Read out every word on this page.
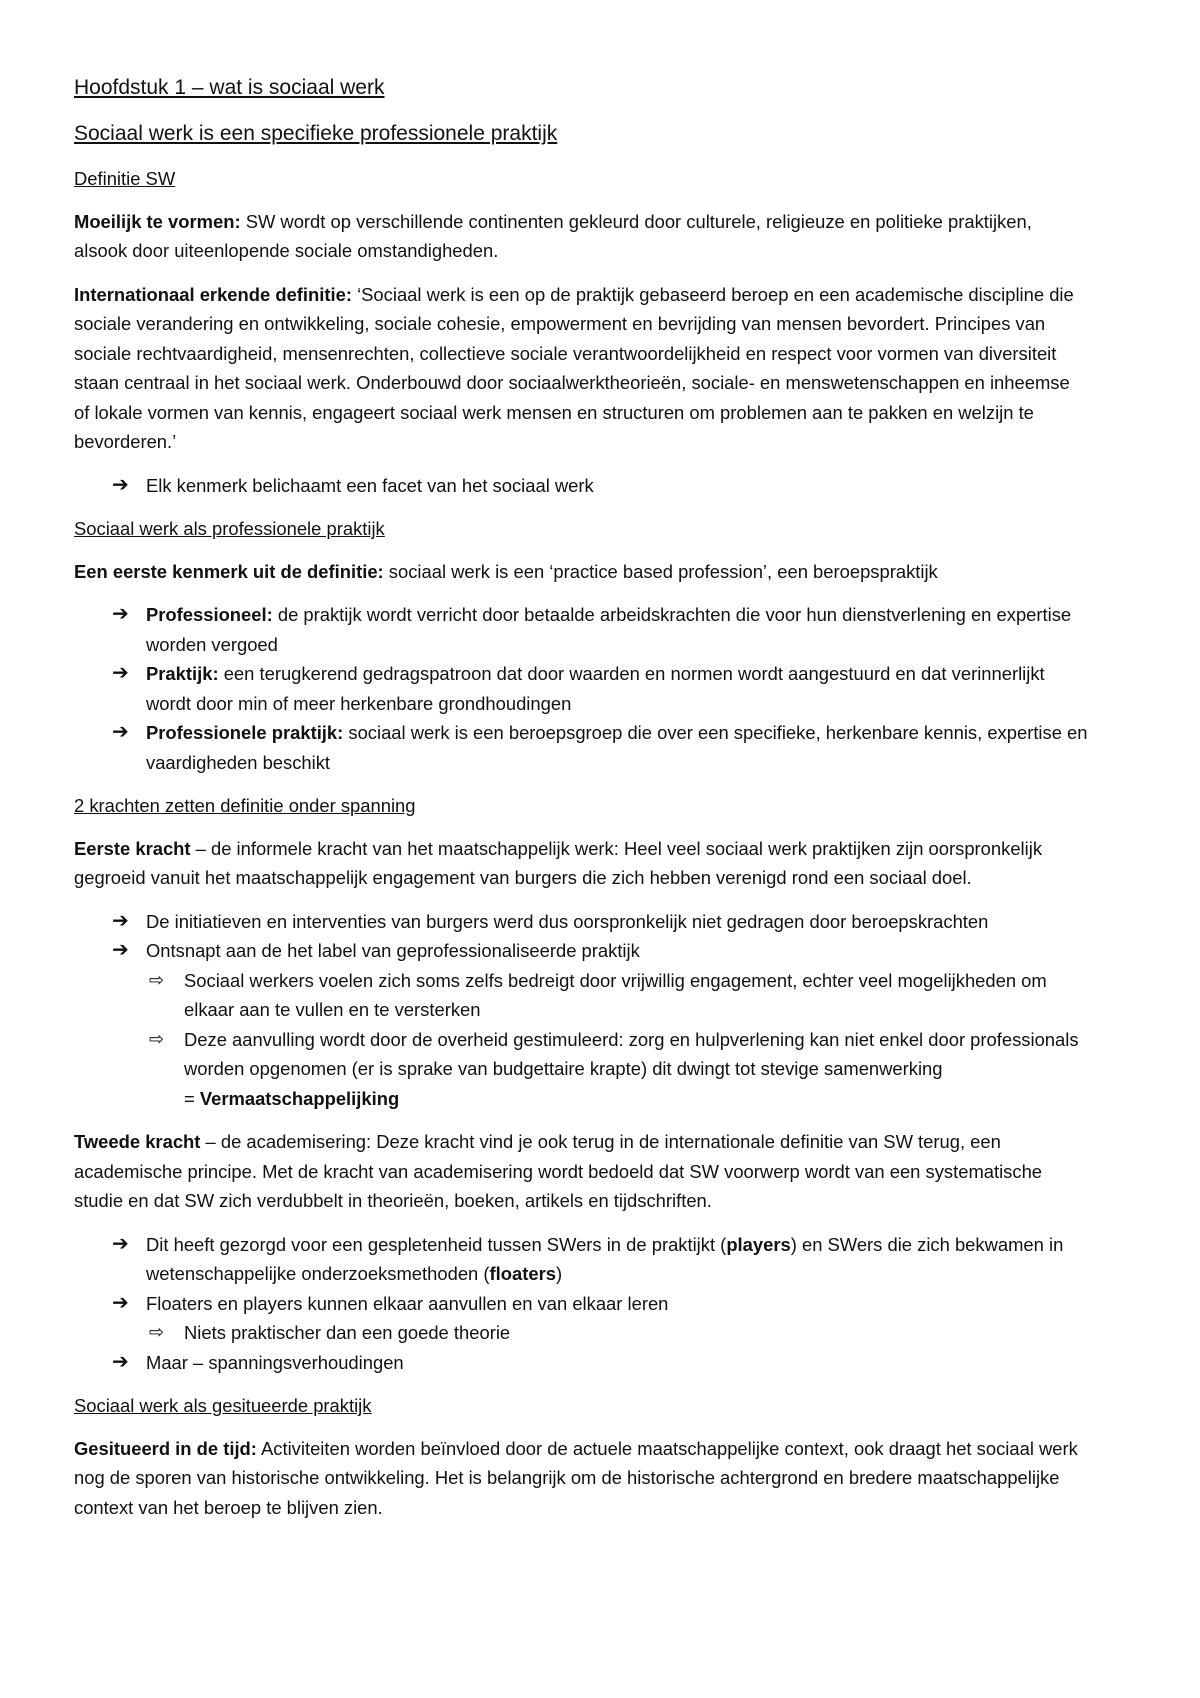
Hoofdstuk 1 – wat is sociaal werk
Sociaal werk is een specifieke professionele praktijk
Definitie SW

Moeilijk te vormen: SW wordt op verschillende continenten gekleurd door culturele, religieuze en politieke praktijken, alsook door uiteenlopende sociale omstandigheden.

Internationaal erkende definitie: ‘Sociaal werk is een op de praktijk gebaseerd beroep en een academische discipline die sociale verandering en ontwikkeling, sociale cohesie, empowerment en bevrijding van mensen bevordert. Principes van sociale rechtvaardigheid, mensenrechten, collectieve sociale verantwoordelijkheid en respect voor vormen van diversiteit staan centraal in het sociaal werk. Onderbouwd door sociaalwerktheorieën, sociale- en menswetenschappen en inheemse of lokale vormen van kennis, engageert sociaal werk mensen en structuren om problemen aan te pakken en welzijn te bevorderen.’

➔ Elk kenmerk belichaamt een facet van het sociaal werk
Sociaal werk als professionele praktijk

Een eerste kenmerk uit de definitie: sociaal werk is een ‘practice based profession’, een beroepspraktijk

➔ Professioneel: de praktijk wordt verricht door betaalde arbeidskrachten die voor hun dienstverlening en expertise worden vergoed
➔ Praktijk: een terugkerend gedragspatroon dat door waarden en normen wordt aangestuurd en dat verinnerlijkt wordt door min of meer herkenbare grondhoudingen
➔ Professionele praktijk: sociaal werk is een beroepsgroep die over een specifieke, herkenbare kennis, expertise en vaardigheden beschikt
2 krachten zetten definitie onder spanning

Eerste kracht – de informele kracht van het maatschappelijk werk: Heel veel sociaal werk praktijken zijn oorspronkelijk gegroeid vanuit het maatschappelijk engagement van burgers die zich hebben verenigd rond een sociaal doel.

➔ De initiatieven en interventies van burgers werd dus oorspronkelijk niet gedragen door beroepskrachten
➔ Ontsnapt aan de het label van geprofessionaliseerde praktijk
⇨ Sociaal werkers voelen zich soms zelfs bedreigt door vrijwillig engagement, echter veel mogelijkheden om elkaar aan te vullen en te versterken
⇨ Deze aanvulling wordt door de overheid gestimuleerd: zorg en hulpverlening kan niet enkel door professionals worden opgenomen (er is sprake van budgettaire krapte) dit dwingt tot stevige samenwerking
= Vermaatschappelijking

Tweede kracht – de academisering: Deze kracht vind je ook terug in de internationale definitie van SW terug, een academische principe. Met de kracht van academisering wordt bedoeld dat SW voorwerp wordt van een systematische studie en dat SW zich verdubbelt in theorieën, boeken, artikels en tijdschriften.

➔ Dit heeft gezorgd voor een gespletenheid tussen SWers in de praktijkt (players) en SWers die zich bekwamen in wetenschappelijke onderzoeksmethoden (floaters)
➔ Floaters en players kunnen elkaar aanvullen en van elkaar leren
⇨ Niets praktischer dan een goede theorie
➔ Maar – spanningsverhoudingen
Sociaal werk als gesitueerde praktijk

Gesitueerd in de tijd: Activiteiten worden beïnvloed door de actuele maatschappelijke context, ook draagt het sociaal werk nog de sporen van historische ontwikkeling. Het is belangrijk om de historische achtergrond en bredere maatschappelijke context van het beroep te blijven zien.
